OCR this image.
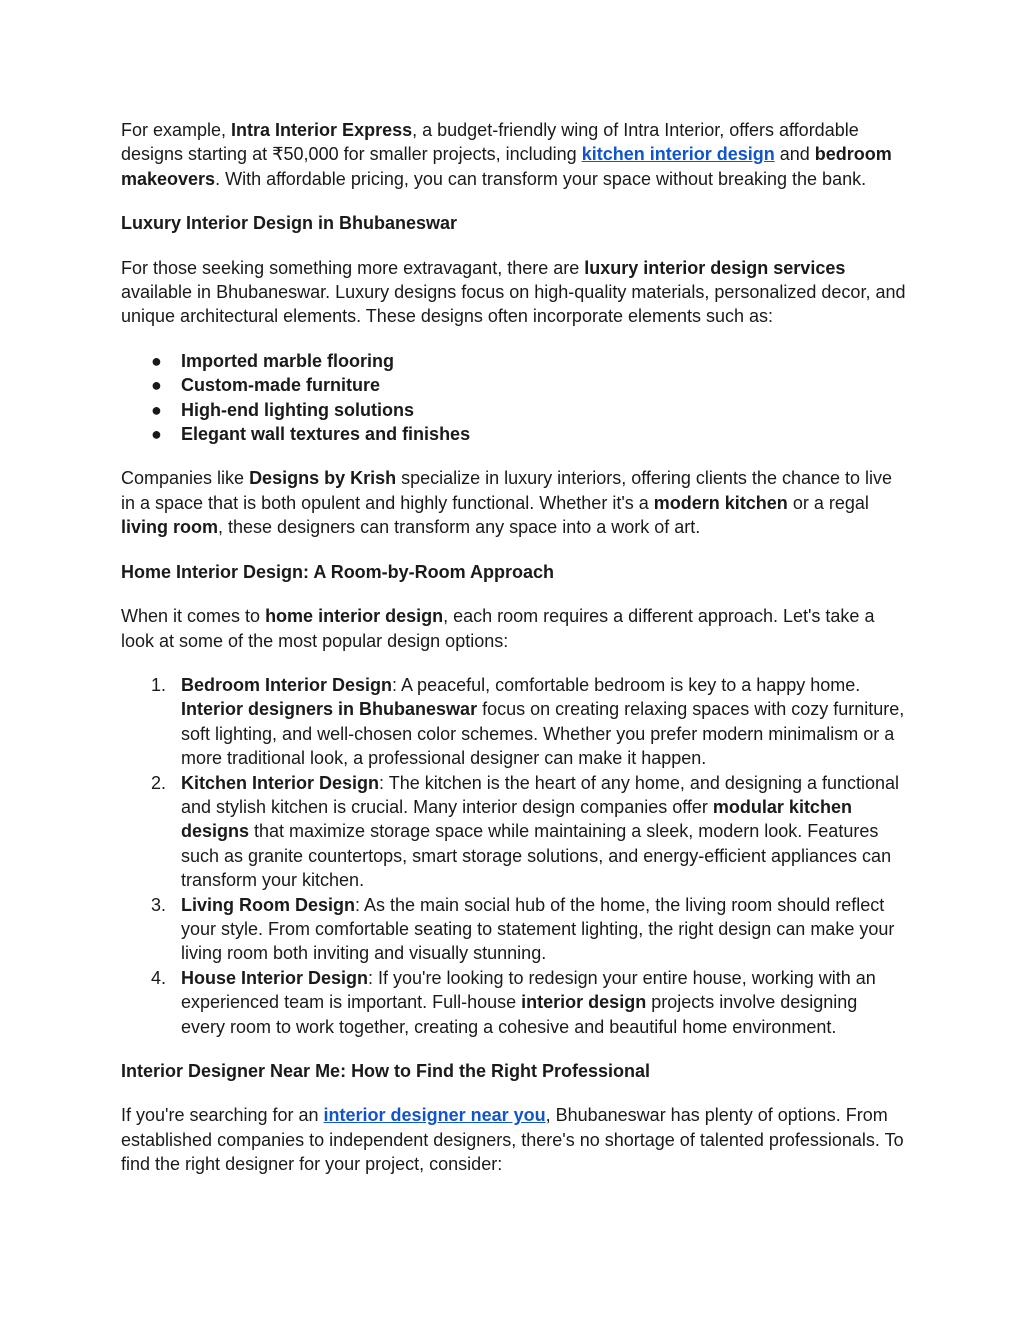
For example, Intra Interior Express, a budget-friendly wing of Intra Interior, offers affordable designs starting at ₹50,000 for smaller projects, including kitchen interior design and bedroom makeovers. With affordable pricing, you can transform your space without breaking the bank.

Luxury Interior Design in Bhubaneswar

For those seeking something more extravagant, there are luxury interior design services available in Bhubaneswar. Luxury designs focus on high-quality materials, personalized decor, and unique architectural elements. These designs often incorporate elements such as:

● Imported marble flooring
● Custom-made furniture
● High-end lighting solutions
● Elegant wall textures and finishes

Companies like Designs by Krish specialize in luxury interiors, offering clients the chance to live in a space that is both opulent and highly functional. Whether it's a modern kitchen or a regal living room, these designers can transform any space into a work of art.

Home Interior Design: A Room-by-Room Approach

When it comes to home interior design, each room requires a different approach. Let's take a look at some of the most popular design options:

1. Bedroom Interior Design: A peaceful, comfortable bedroom is key to a happy home. Interior designers in Bhubaneswar focus on creating relaxing spaces with cozy furniture, soft lighting, and well-chosen color schemes. Whether you prefer modern minimalism or a more traditional look, a professional designer can make it happen.
2. Kitchen Interior Design: The kitchen is the heart of any home, and designing a functional and stylish kitchen is crucial. Many interior design companies offer modular kitchen designs that maximize storage space while maintaining a sleek, modern look. Features such as granite countertops, smart storage solutions, and energy-efficient appliances can transform your kitchen.
3. Living Room Design: As the main social hub of the home, the living room should reflect your style. From comfortable seating to statement lighting, the right design can make your living room both inviting and visually stunning.
4. House Interior Design: If you're looking to redesign your entire house, working with an experienced team is important. Full-house interior design projects involve designing every room to work together, creating a cohesive and beautiful home environment.
Interior Designer Near Me: How to Find the Right Professional

If you're searching for an interior designer near you, Bhubaneswar has plenty of options. From established companies to independent designers, there's no shortage of talented professionals. To find the right designer for your project, consider:
